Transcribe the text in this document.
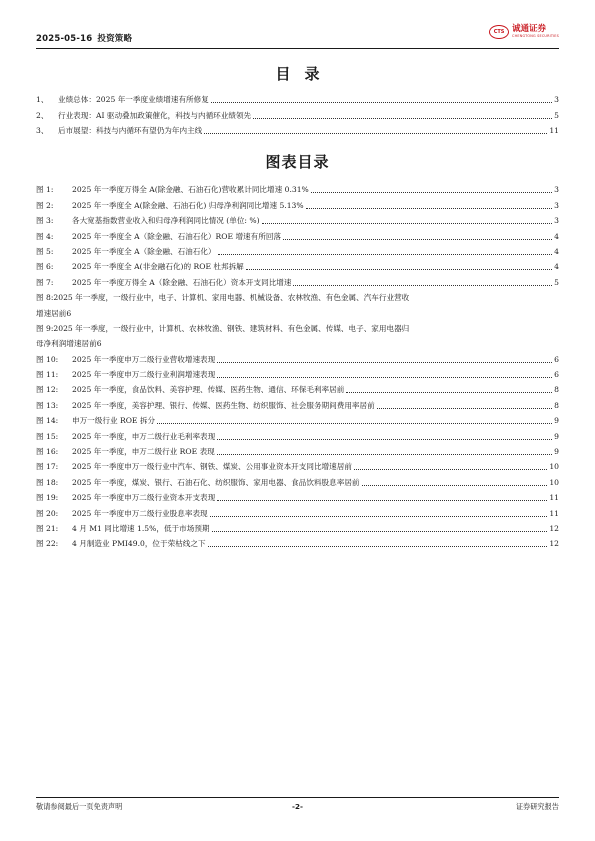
2025-05-16 投资策略
CTS 诚通证券
CHENGTONG SECURITIES
目录
1、	业绩总体：2025 年一季度业绩增速有所修复	3
2、	行业表现：AI 驱动叠加政策催化，科技与内循环业绩领先	5
3、	后市展望：科技与内循环有望仍为年内主线	11
图表目录
图 1:	2025 年一季度万得全 A(除金融、石油石化)营收累计同比增速 0.31%	3
图 2:	2025 年一季度全 A(除金融、石油石化) 归母净利润同比增速 5.13%	3
图 3:	各大宽基指数营业收入和归母净利润同比情况 (单位: %)	3
图 4:	2025 年一季度全 A（除金融、石油石化）ROE 增速有所回落	4
图 5:	2025 年一季度全 A（除金融、石油石化）	4
图 6:	2025 年一季度全 A(非金融石化)的 ROE 杜邦拆解	4
图 7:	2025 年一季度万得全 A（除金融、石油石化）资本开支同比增速	5
图 8: 2025 年一季度，一级行业中，电子、计算机、家用电器、机械设备、农林牧渔、有色金属、汽车行业营收
增速居前 6
图 9: 2025 年一季度，一级行业中，计算机、农林牧渔、钢铁、建筑材料、有色金属、传媒、电子、家用电器归
母净利润增速居前 6
图 10:	2025 年一季度申万二级行业营收增速表现	6
图 11:	2025 年一季度申万二级行业利润增速表现	6
图 12:	2025 年一季度，食品饮料、美容护理、传媒、医药生物、通信、环保毛利率居前	8
图 13:	2025 年一季度，美容护理、银行、传媒、医药生物、纺织服饰、社会服务期间费用率居前	8
图 14:	申万一级行业 ROE 拆分	9
图 15:	2025 年一季度，申万二级行业毛利率表现	9
图 16:	2025 年一季度，申万二级行业 ROE 表现	9
图 17:	2025 年一季度申万一级行业中汽车、钢铁、煤炭、公用事业资本开支同比增速居前	10
图 18:	2025 年一季度，煤炭、银行、石油石化、纺织服饰、家用电器、食品饮料股息率居前	10
图 19:	2025 年一季度申万二级行业资本开支表现	11
图 20:	2025 年一季度申万二级行业股息率表现	11
图 21:	4 月 M1 同比增速 1.5%，低于市场预期	12
图 22:	4 月制造业 PMI49.0，位于荣枯线之下	12
敬请参阅最后一页免责声明	-2-	证券研究报告
